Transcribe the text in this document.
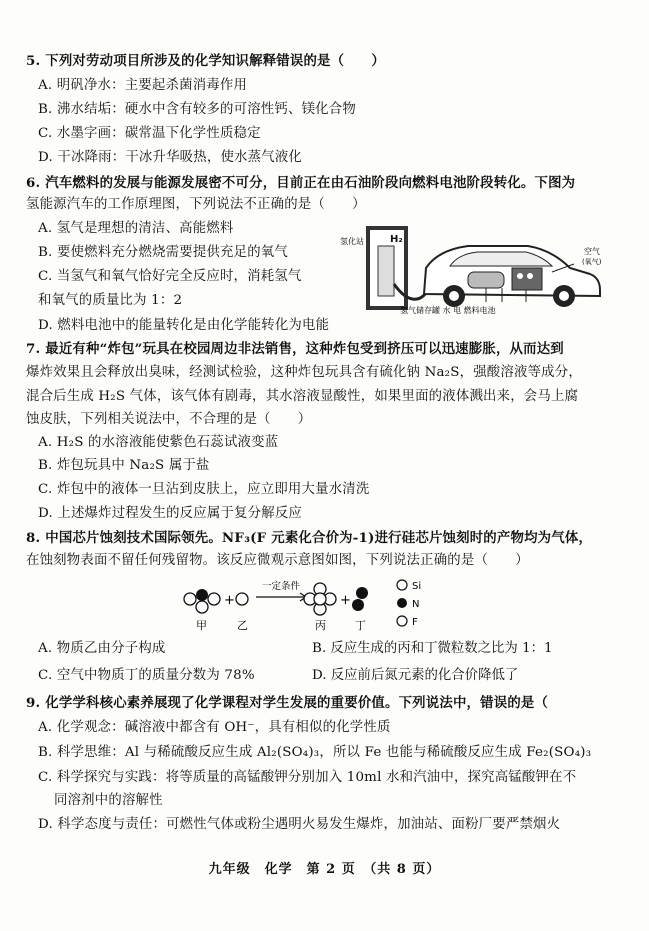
5. 下列对劳动项目所涉及的化学知识解释错误的是（　　）
A. 明矾净水：主要起杀菌消毒作用
B. 沸水结垢：硬水中含有较多的可溶性钙、镁化合物
C. 水墨字画：碳常温下化学性质稳定
D. 干冰降雨：干冰升华吸热，使水蒸气液化
6. 汽车燃料的发展与能源发展密不可分，目前正在由石油阶段向燃料电池阶段转化。下图为
氢能源汽车的工作原理图，下列说法不正确的是（　　）
A. 氢气是理想的清洁、高能燃料
B. 要使燃料充分燃烧需要提供充足的氧气
C. 当氢气和氧气恰好完全反应时，消耗氢气
和氧气的质量比为 1：2
D. 燃料电池中的能量转化是由化学能转化为电能
氢化站	H₂
空气
(氧气)
氢气储存罐 水 电 燃料电池
7. 最近有种“炸包”玩具在校园周边非法销售，这种炸包受到挤压可以迅速膨胀，从而达到
爆炸效果且会释放出臭味，经测试检验，这种炸包玩具含有硫化钠 Na₂S，强酸溶液等成分，
混合后生成 H₂S 气体，该气体有剧毒，其水溶液显酸性，如果里面的液体溅出来，会马上腐
蚀皮肤，下列相关说法中，不合理的是（　　）
A. H₂S 的水溶液能使紫色石蕊试液变蓝
B. 炸包玩具中 Na₂S 属于盐
C. 炸包中的液体一旦沾到皮肤上，应立即用大量水清洗
D. 上述爆炸过程发生的反应属于复分解反应
8. 中国芯片蚀刻技术国际领先。NF₃(F 元素化合价为-1)进行硅芯片蚀刻时的产物均为气体，
在蚀刻物表面不留任何残留物。该反应微观示意图如图，下列说法正确的是（　　）
+
一定条件
+
甲	乙	丙	丁
Si
N
F
A. 物质乙由分子构成	B. 反应生成的丙和丁微粒数之比为 1：1
C. 空气中物质丁的质量分数为 78%	D. 反应前后氮元素的化合价降低了
9. 化学学科核心素养展现了化学课程对学生发展的重要价值。下列说法中，错误的是（
A. 化学观念：碱溶液中都含有 OH⁻，具有相似的化学性质
B. 科学思维：Al 与稀硫酸反应生成 Al₂(SO₄)₃，所以 Fe 也能与稀硫酸反应生成 Fe₂(SO₄)₃
C. 科学探究与实践：将等质量的高锰酸钾分别加入 10ml 水和汽油中，探究高锰酸钾在不
同溶剂中的溶解性
D. 科学态度与责任：可燃性气体或粉尘遇明火易发生爆炸，加油站、面粉厂要严禁烟火
九年级　化学　第 2 页　（共 8 页）
